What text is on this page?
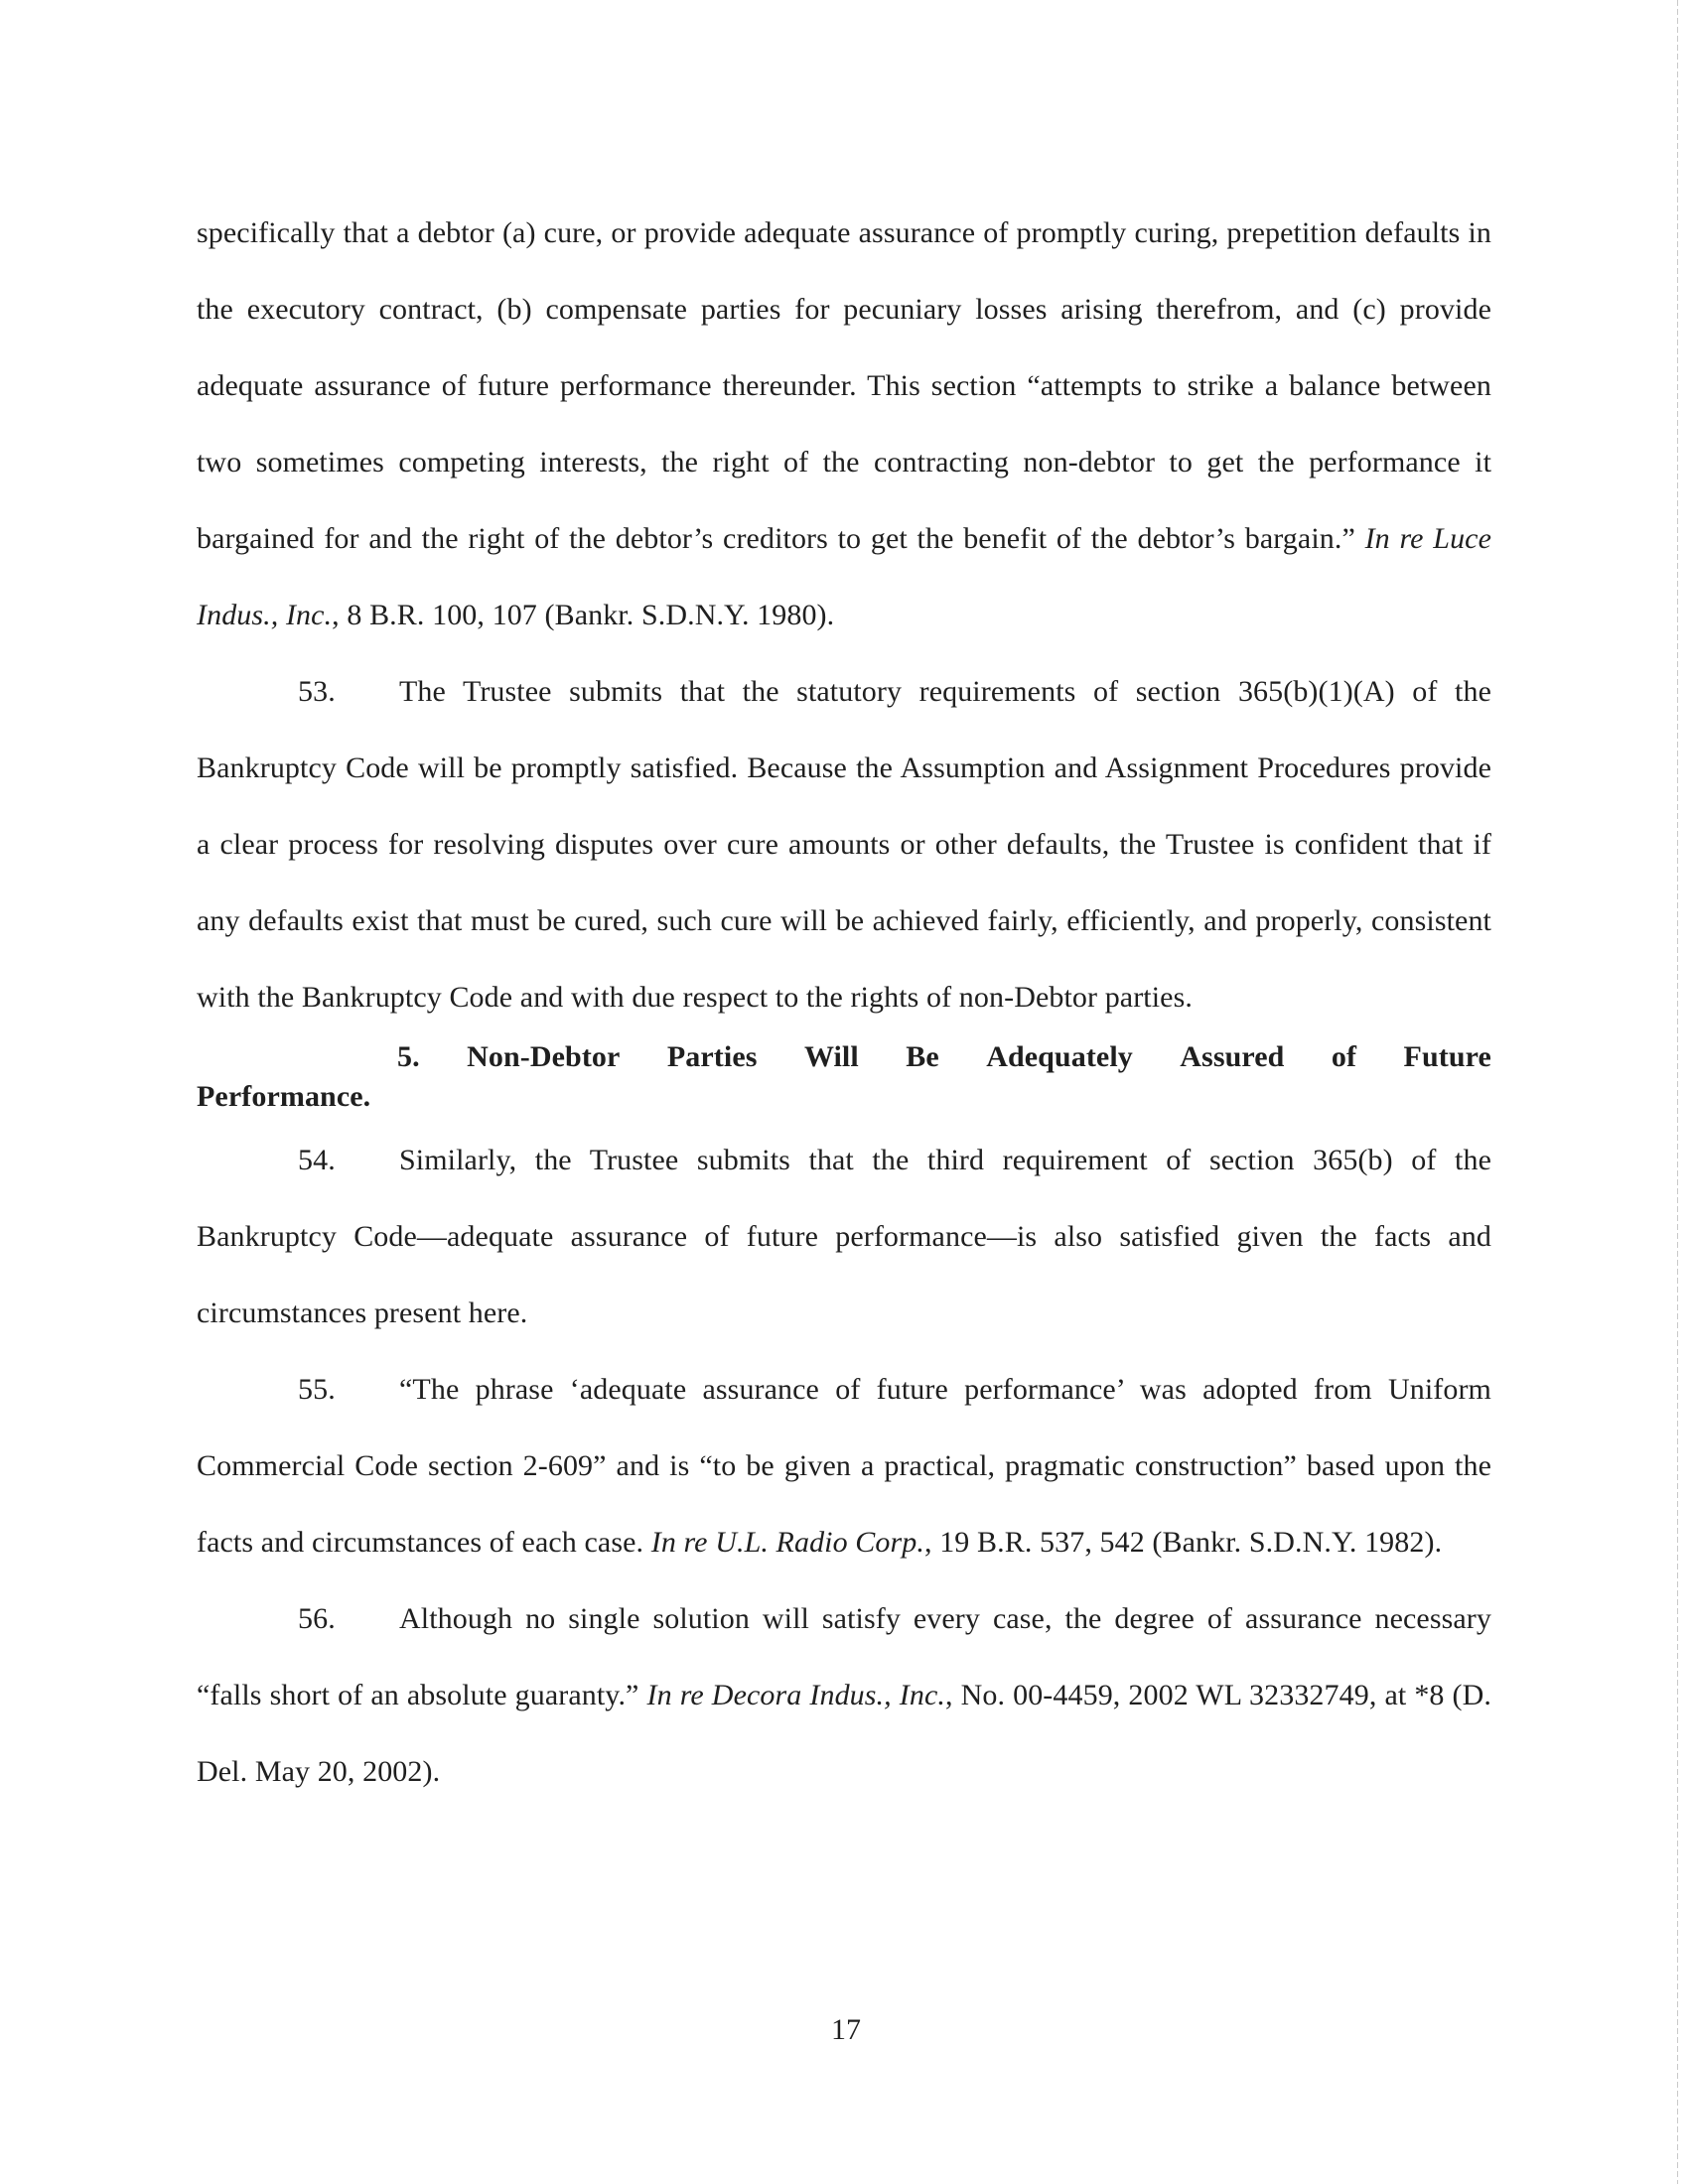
specifically that a debtor (a) cure, or provide adequate assurance of promptly curing, prepetition defaults in the executory contract, (b) compensate parties for pecuniary losses arising therefrom, and (c) provide adequate assurance of future performance thereunder. This section “attempts to strike a balance between two sometimes competing interests, the right of the contracting non-debtor to get the performance it bargained for and the right of the debtor’s creditors to get the benefit of the debtor’s bargain.” In re Luce Indus., Inc., 8 B.R. 100, 107 (Bankr. S.D.N.Y. 1980).

53. The Trustee submits that the statutory requirements of section 365(b)(1)(A) of the Bankruptcy Code will be promptly satisfied. Because the Assumption and Assignment Procedures provide a clear process for resolving disputes over cure amounts or other defaults, the Trustee is confident that if any defaults exist that must be cured, such cure will be achieved fairly, efficiently, and properly, consistent with the Bankruptcy Code and with due respect to the rights of non-Debtor parties.

5. Non-Debtor Parties Will Be Adequately Assured of Future
Performance.

54. Similarly, the Trustee submits that the third requirement of section 365(b) of the Bankruptcy Code—adequate assurance of future performance—is also satisfied given the facts and circumstances present here.

55. “The phrase ‘adequate assurance of future performance’ was adopted from Uniform Commercial Code section 2-609” and is “to be given a practical, pragmatic construction” based upon the facts and circumstances of each case. In re U.L. Radio Corp., 19 B.R. 537, 542 (Bankr. S.D.N.Y. 1982).

56. Although no single solution will satisfy every case, the degree of assurance necessary “falls short of an absolute guaranty.” In re Decora Indus., Inc., No. 00-4459, 2002 WL 32332749, at *8 (D. Del. May 20, 2002).

17
